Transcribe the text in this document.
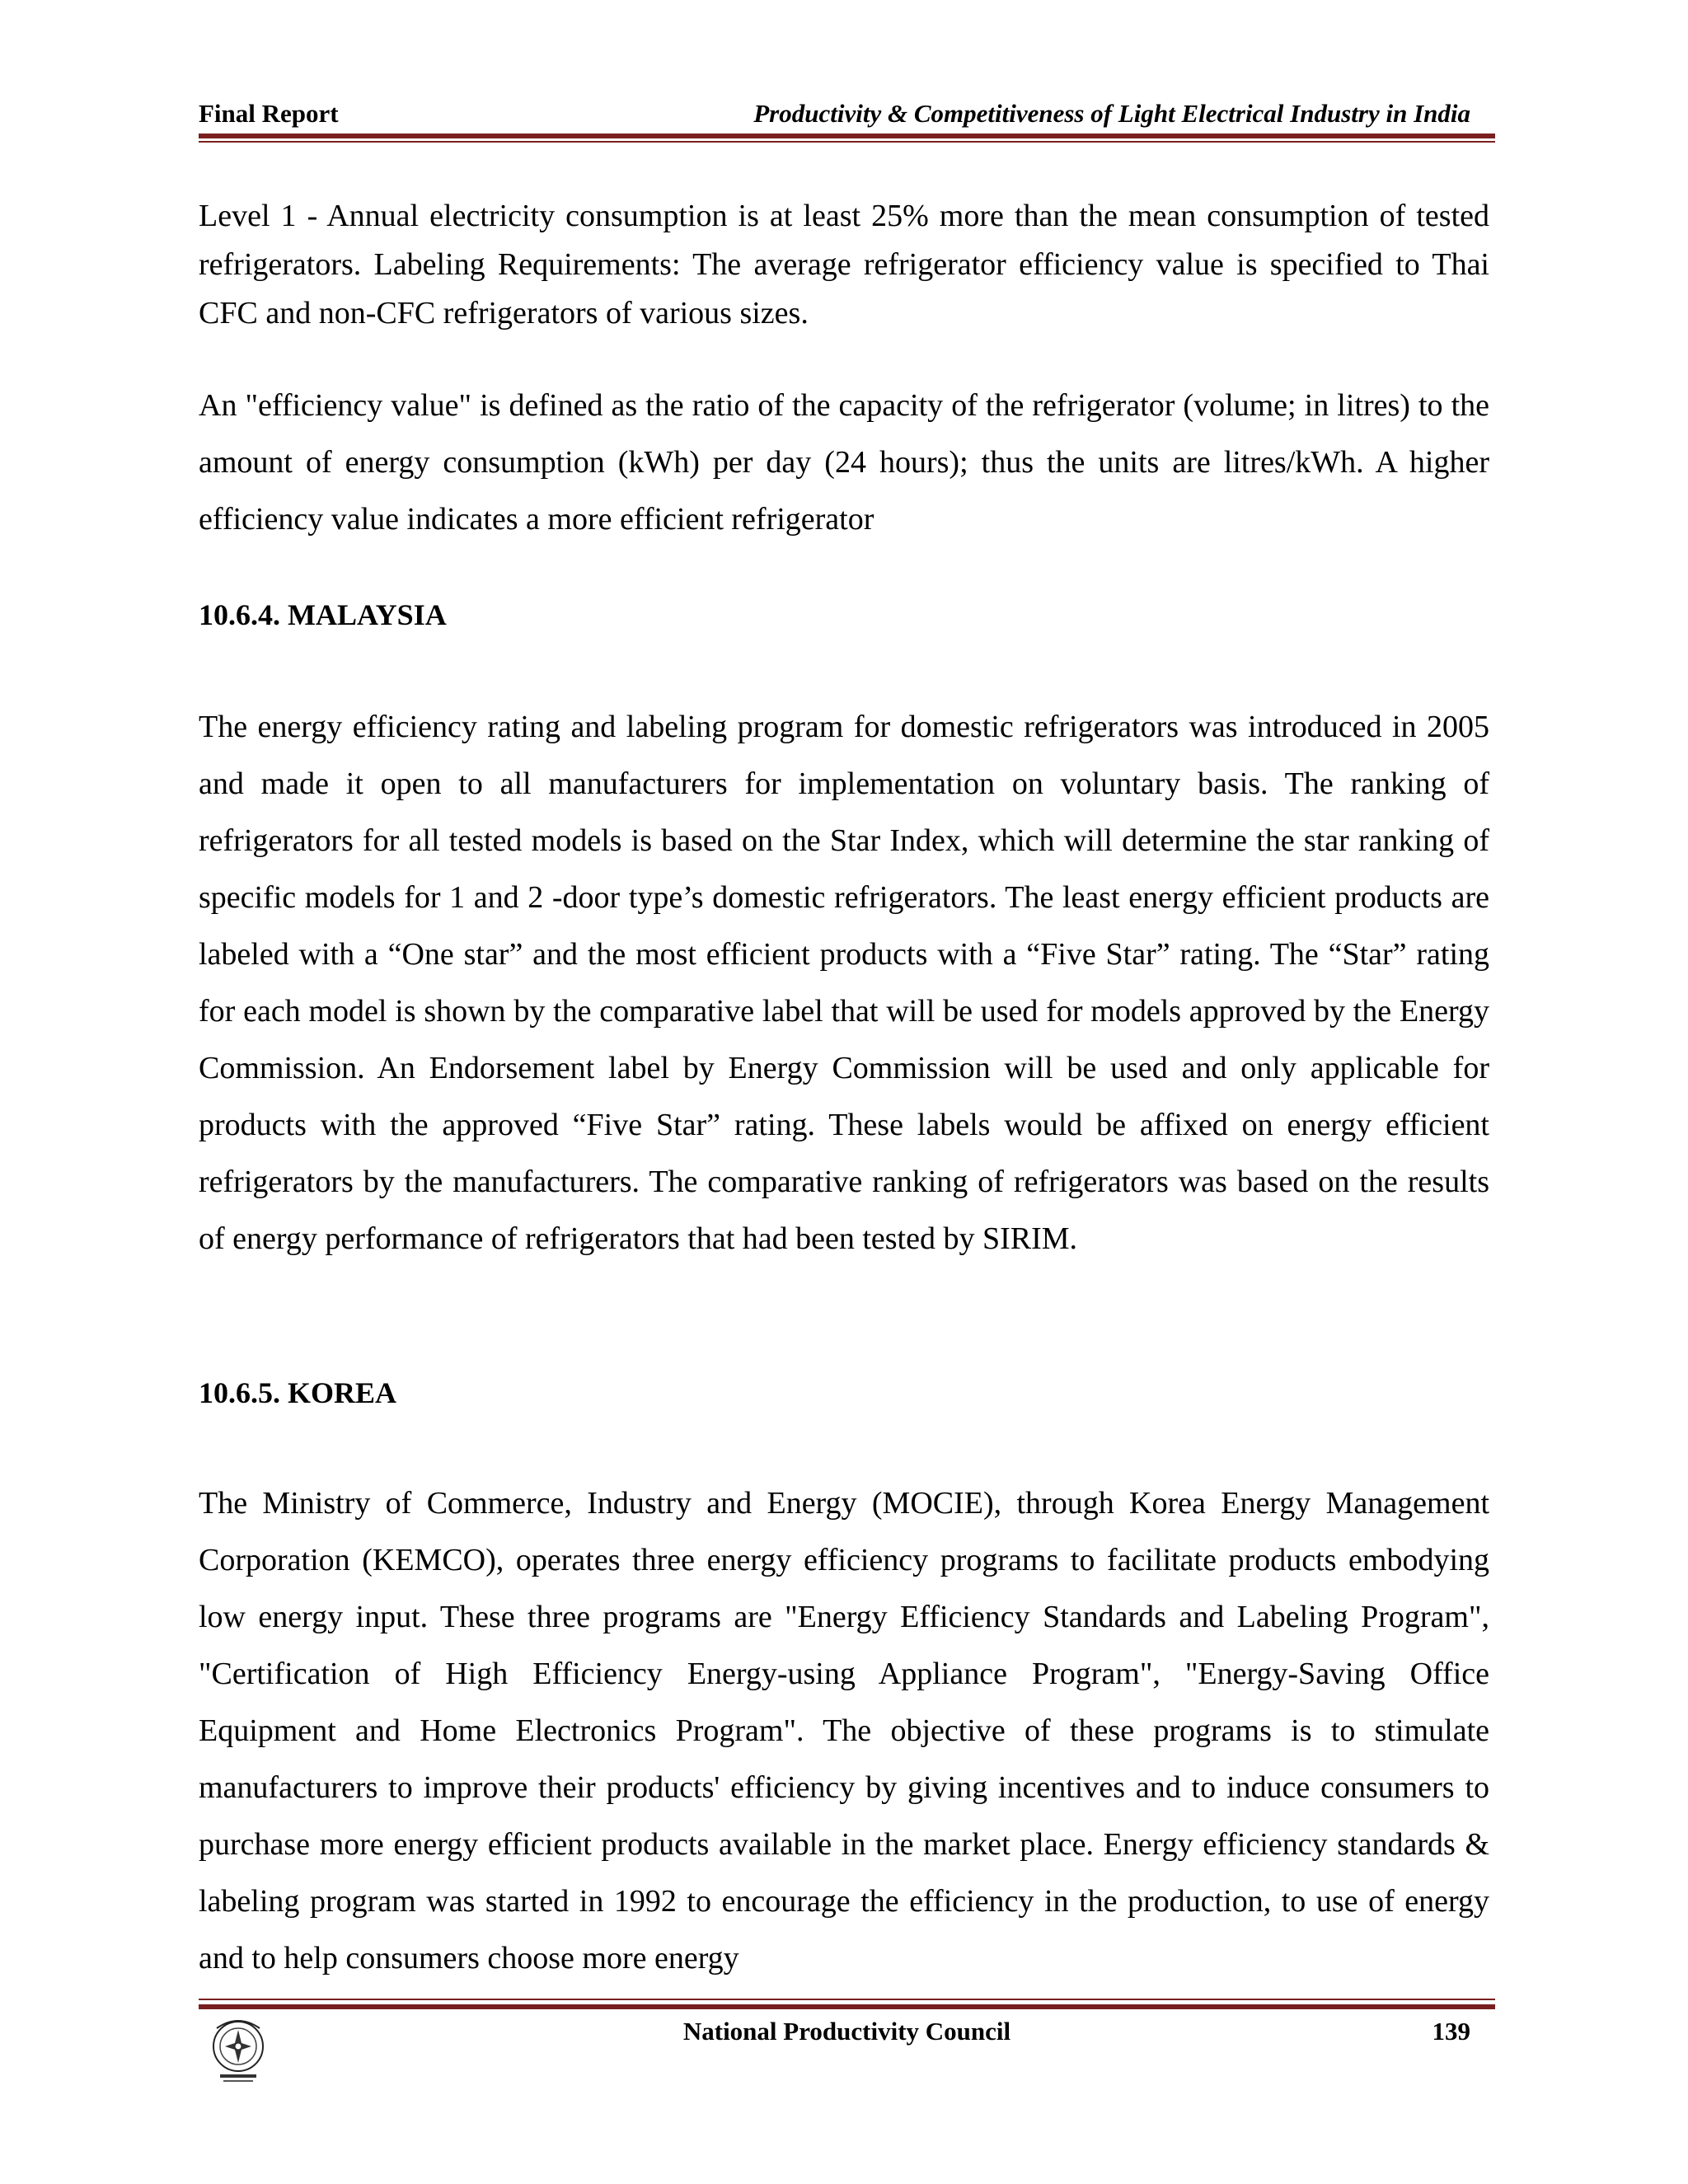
Final Report	Productivity & Competitiveness of Light Electrical Industry in India

Level 1 - Annual electricity consumption is at least 25% more than the mean consumption of tested refrigerators. Labeling Requirements: The average refrigerator efficiency value is specified to Thai CFC and non-CFC refrigerators of various sizes.

An "efficiency value" is defined as the ratio of the capacity of the refrigerator (volume; in litres) to the amount of energy consumption (kWh) per day (24 hours); thus the units are litres/kWh. A higher efficiency value indicates a more efficient refrigerator

10.6.4. MALAYSIA

The energy efficiency rating and labeling program for domestic refrigerators was introduced in 2005 and made it open to all manufacturers for implementation on voluntary basis. The ranking of refrigerators for all tested models is based on the Star Index, which will determine the star ranking of specific models for 1 and 2 -door type’s domestic refrigerators. The least energy efficient products are labeled with a “One star” and the most efficient products with a “Five Star” rating. The “Star” rating for each model is shown by the comparative label that will be used for models approved by the Energy Commission. An Endorsement label by Energy Commission will be used and only applicable for products with the approved “Five Star” rating. These labels would be affixed on energy efficient refrigerators by the manufacturers. The comparative ranking of refrigerators was based on the results of energy performance of refrigerators that had been tested by SIRIM.

10.6.5. KOREA

The Ministry of Commerce, Industry and Energy (MOCIE), through Korea Energy Management Corporation (KEMCO), operates three energy efficiency programs to facilitate products embodying low energy input. These three programs are "Energy Efficiency Standards and Labeling Program", "Certification of High Efficiency Energy-using Appliance Program", "Energy-Saving Office Equipment and Home Electronics Program". The objective of these programs is to stimulate manufacturers to improve their products' efficiency by giving incentives and to induce consumers to purchase more energy efficient products available in the market place. Energy efficiency standards & labeling program was started in 1992 to encourage the efficiency in the production, to use of energy and to help consumers choose more energy

National Productivity Council	139
